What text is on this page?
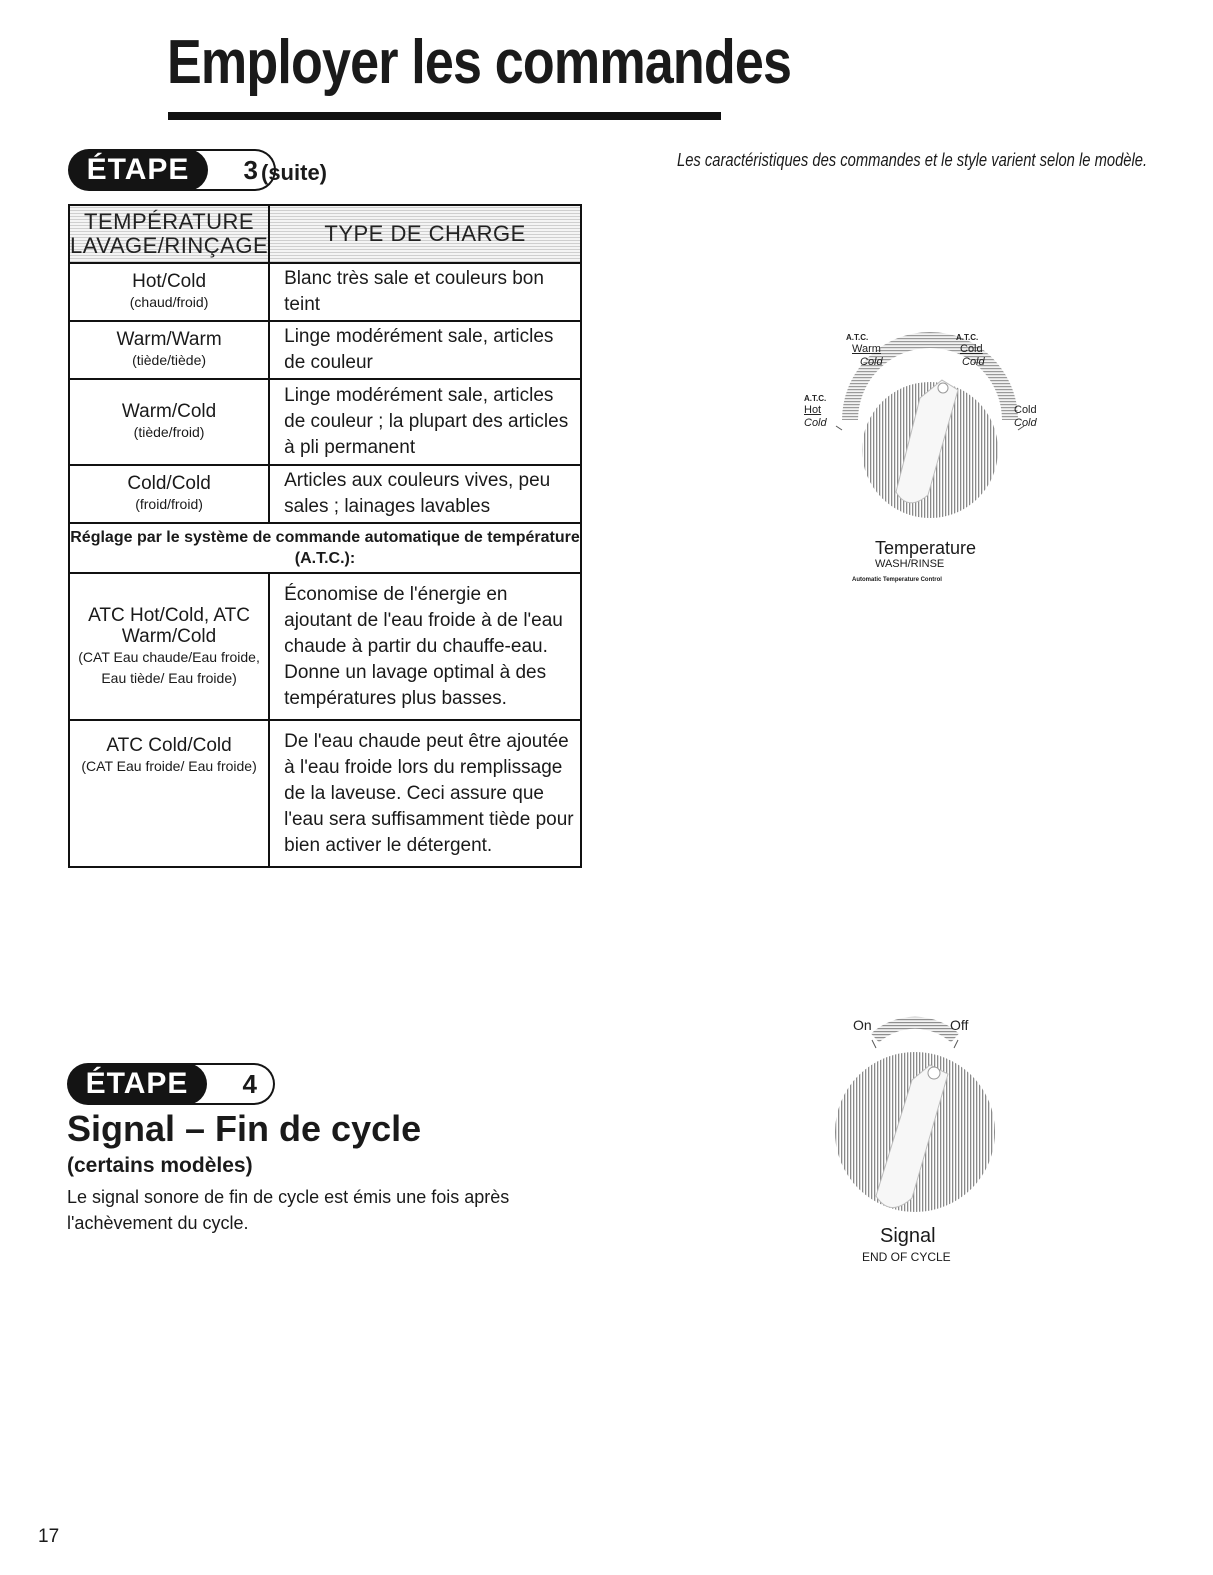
Employer les commandes
3
ÉTAPE	(suite)	Les caractéristiques des commandes et le style varient selon le modèle.
TEMPÉRATURE LAVAGE/RINÇAGE	TYPE DE CHARGE

Hot/Cold
(chaud/froid)	Blanc très sale et couleurs bon teint

Warm/Warm
(tiède/tiède)	Linge modérément sale, articles de couleur

Warm/Cold
(tiède/froid)	Linge modérément sale, articles de couleur ; la plupart des articles à pli permanent

Cold/Cold
(froid/froid)	Articles aux couleurs vives, peu sales ; lainages lavables

Réglage par le système de commande automatique de température (A.T.C.):	

ATC Hot/Cold, ATC Warm/Cold
(CAT Eau chaude/Eau froide, Eau tiède/ Eau froide)	Économise de l'énergie en ajoutant de l'eau froide à de l'eau chaude à partir du chauffe-eau. Donne un lavage optimal à des températures plus basses.

ATC Cold/Cold
(CAT Eau froide/ Eau froide)	De l'eau chaude peut être ajoutée à l'eau froide lors du remplissage de la laveuse. Ceci assure que l'eau sera suffisamment tiède pour bien activer le détergent.
A.T.C.
Warm
Cold
A.T.C.
Cold
Cold
A.T.C.
Hot
Cold
Cold
Cold
Temperature
WASH/RINSE
Automatic Temperature Control
4
ÉTAPE
Signal – Fin de cycle
(certains modèles)

Le signal sonore de fin de cycle est émis une fois après l'achèvement du cycle.

On	Off
Signal
END OF CYCLE
17
